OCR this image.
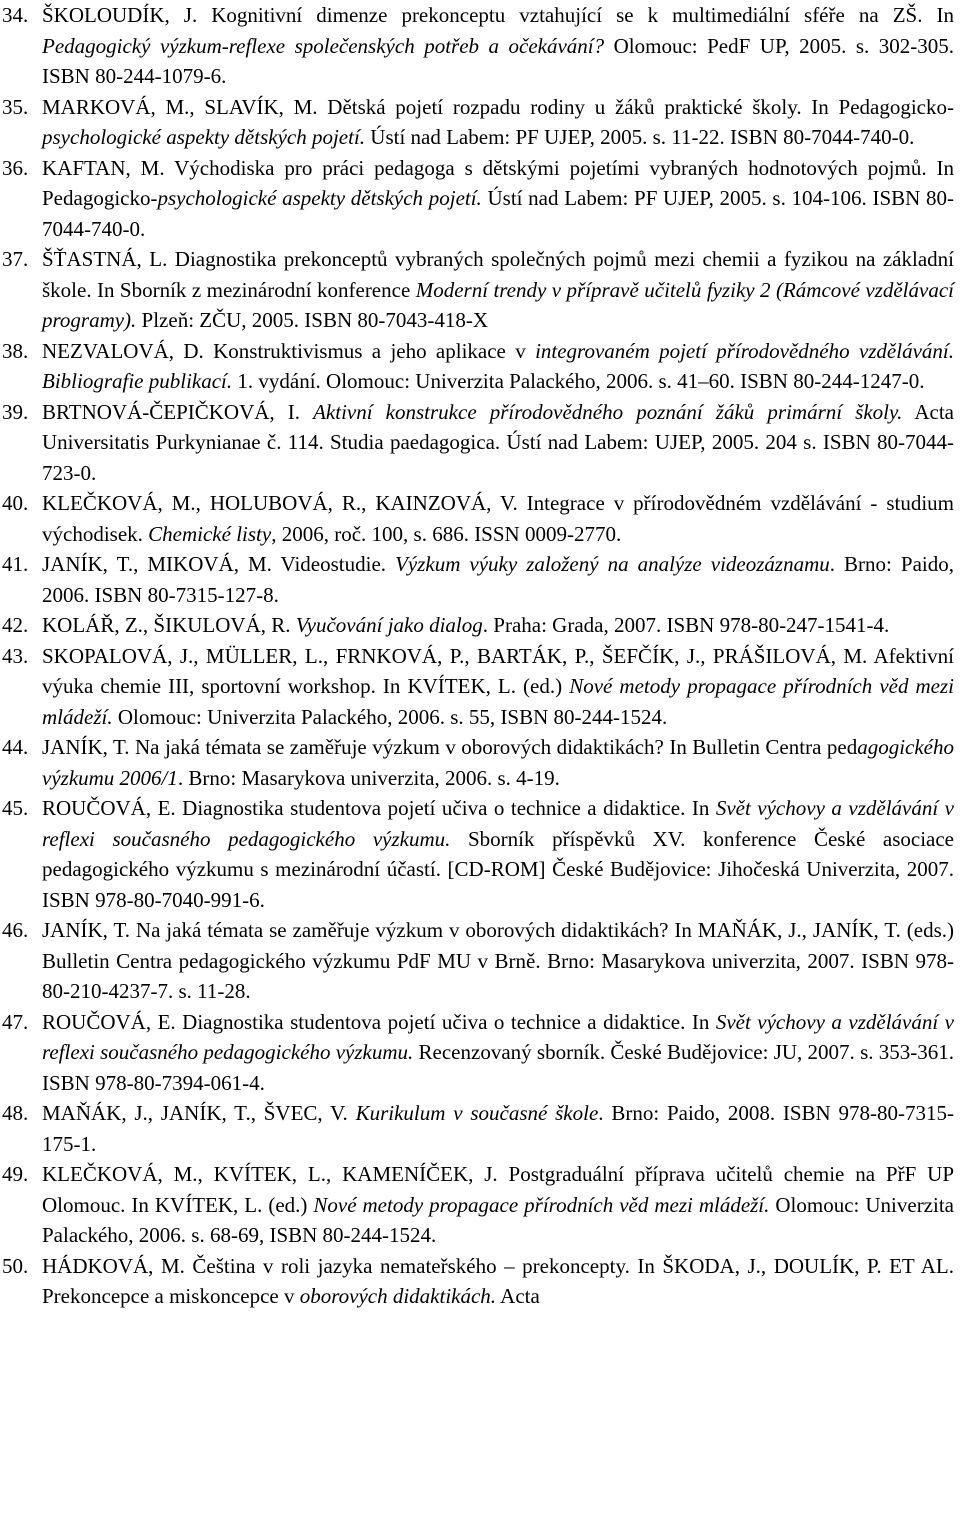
34. ŠKOLOUDÍK, J. Kognitivní dimenze prekonceptu vztahující se k multimediální sféře na ZŠ. In Pedagogický výzkum-reflexe společenských potřeb a očekávání? Olomouc: PedF UP, 2005. s. 302-305. ISBN 80-244-1079-6.
35. MARKOVÁ, M., SLAVÍK, M. Dětská pojetí rozpadu rodiny u žáků praktické školy. In Pedagogicko-psychologické aspekty dětských pojetí. Ústí nad Labem: PF UJEP, 2005. s. 11-22. ISBN 80-7044-740-0.
36. KAFTAN, M. Východiska pro práci pedagoga s dětskými pojetími vybraných hodnotových pojmů. In Pedagogicko-psychologické aspekty dětských pojetí. Ústí nad Labem: PF UJEP, 2005. s. 104-106. ISBN 80-7044-740-0.
37. ŠŤASTNÁ, L. Diagnostika prekonceptů vybraných společných pojmů mezi chemii a fyzikou na základní škole. In Sborník z mezinárodní konference Moderní trendy v přípravě učitelů fyziky 2 (Rámcové vzdělávací programy). Plzeň: ZČU, 2005. ISBN 80-7043-418-X
38. NEZVALOVÁ, D. Konstruktivismus a jeho aplikace v integrovaném pojetí přírodovědného vzdělávání. Bibliografie publikací. 1. vydání. Olomouc: Univerzita Palackého, 2006. s. 41–60. ISBN 80-244-1247-0.
39. BRTNOVÁ-ČEPIČKOVÁ, I. Aktivní konstrukce přírodovědného poznání žáků primární školy. Acta Universitatis Purkynianae č. 114. Studia paedagogica. Ústí nad Labem: UJEP, 2005. 204 s. ISBN 80-7044-723-0.
40. KLEČKOVÁ, M., HOLUBOVÁ, R., KAINZOVÁ, V. Integrace v přírodovědném vzdělávání - studium východisek. Chemické listy, 2006, roč. 100, s. 686. ISSN 0009-2770.
41. JANÍK, T., MIKOVÁ, M. Videostudie. Výzkum výuky založený na analýze videozáznamu. Brno: Paido, 2006. ISBN 80-7315-127-8.
42. KOLÁŘ, Z., ŠIKULOVÁ, R. Vyučování jako dialog. Praha: Grada, 2007. ISBN 978-80-247-1541-4.
43. SKOPALOVÁ, J., MÜLLER, L., FRNKOVÁ, P., BARTÁK, P., ŠEFČÍK, J., PRÁŠILOVÁ, M. Afektivní výuka chemie III, sportovní workshop. In KVÍTEK, L. (ed.) Nové metody propagace přírodních věd mezi mládeží. Olomouc: Univerzita Palackého, 2006. s. 55, ISBN 80-244-1524.
44. JANÍK, T. Na jaká témata se zaměřuje výzkum v oborových didaktikách? In Bulletin Centra pedagogického výzkumu 2006/1. Brno: Masarykova univerzita, 2006. s. 4-19.
45. ROUČOVÁ, E. Diagnostika studentova pojetí učiva o technice a didaktice. In Svět výchovy a vzdělávání v reflexi současného pedagogického výzkumu. Sborník příspěvků XV. konference České asociace pedagogického výzkumu s mezinárodní účastí. [CD-ROM] České Budějovice: Jihočeská Univerzita, 2007. ISBN 978-80-7040-991-6.
46. JANÍK, T. Na jaká témata se zaměřuje výzkum v oborových didaktikách? In MAŇÁK, J., JANÍK, T. (eds.) Bulletin Centra pedagogického výzkumu PdF MU v Brně. Brno: Masarykova univerzita, 2007. ISBN 978-80-210-4237-7. s. 11-28.
47. ROUČOVÁ, E. Diagnostika studentova pojetí učiva o technice a didaktice. In Svět výchovy a vzdělávání v reflexi současného pedagogického výzkumu. Recenzovaný sborník. České Budějovice: JU, 2007. s. 353-361. ISBN 978-80-7394-061-4.
48. MAŇÁK, J., JANÍK, T., ŠVEC, V. Kurikulum v současné škole. Brno: Paido, 2008. ISBN 978-80-7315-175-1.
49. KLEČKOVÁ, M., KVÍTEK, L., KAMENÍČEK, J. Postgraduální příprava učitelů chemie na PřF UP Olomouc. In KVÍTEK, L. (ed.) Nové metody propagace přírodních věd mezi mládeží. Olomouc: Univerzita Palackého, 2006. s. 68-69, ISBN 80-244-1524.
50. HÁDKOVÁ, M. Čeština v roli jazyka nemateřského – prekoncepty. In ŠKODA, J., DOULÍK, P. ET AL. Prekoncepce a miskoncepce v oborových didaktikách. Acta
